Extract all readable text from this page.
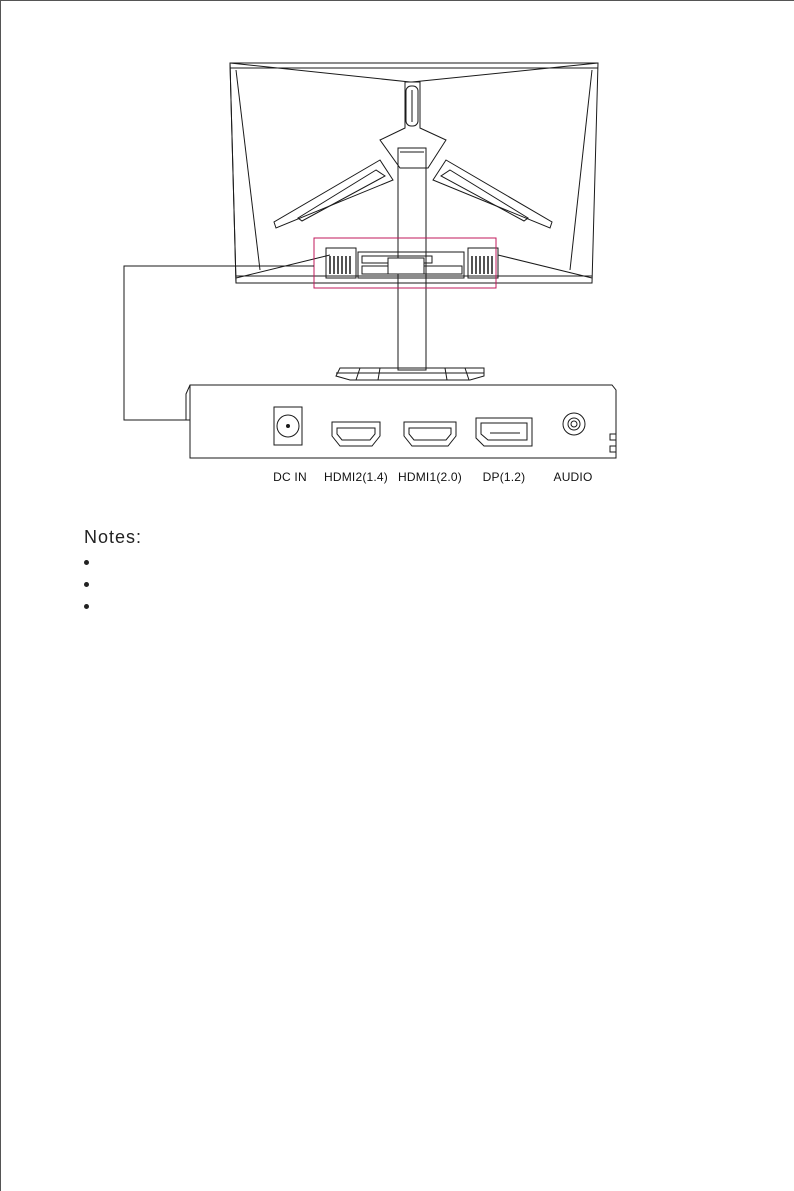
DC IN HDMI2(1.4) HDMI1(2.0) DP(1.2) AUDIO
Notes:
